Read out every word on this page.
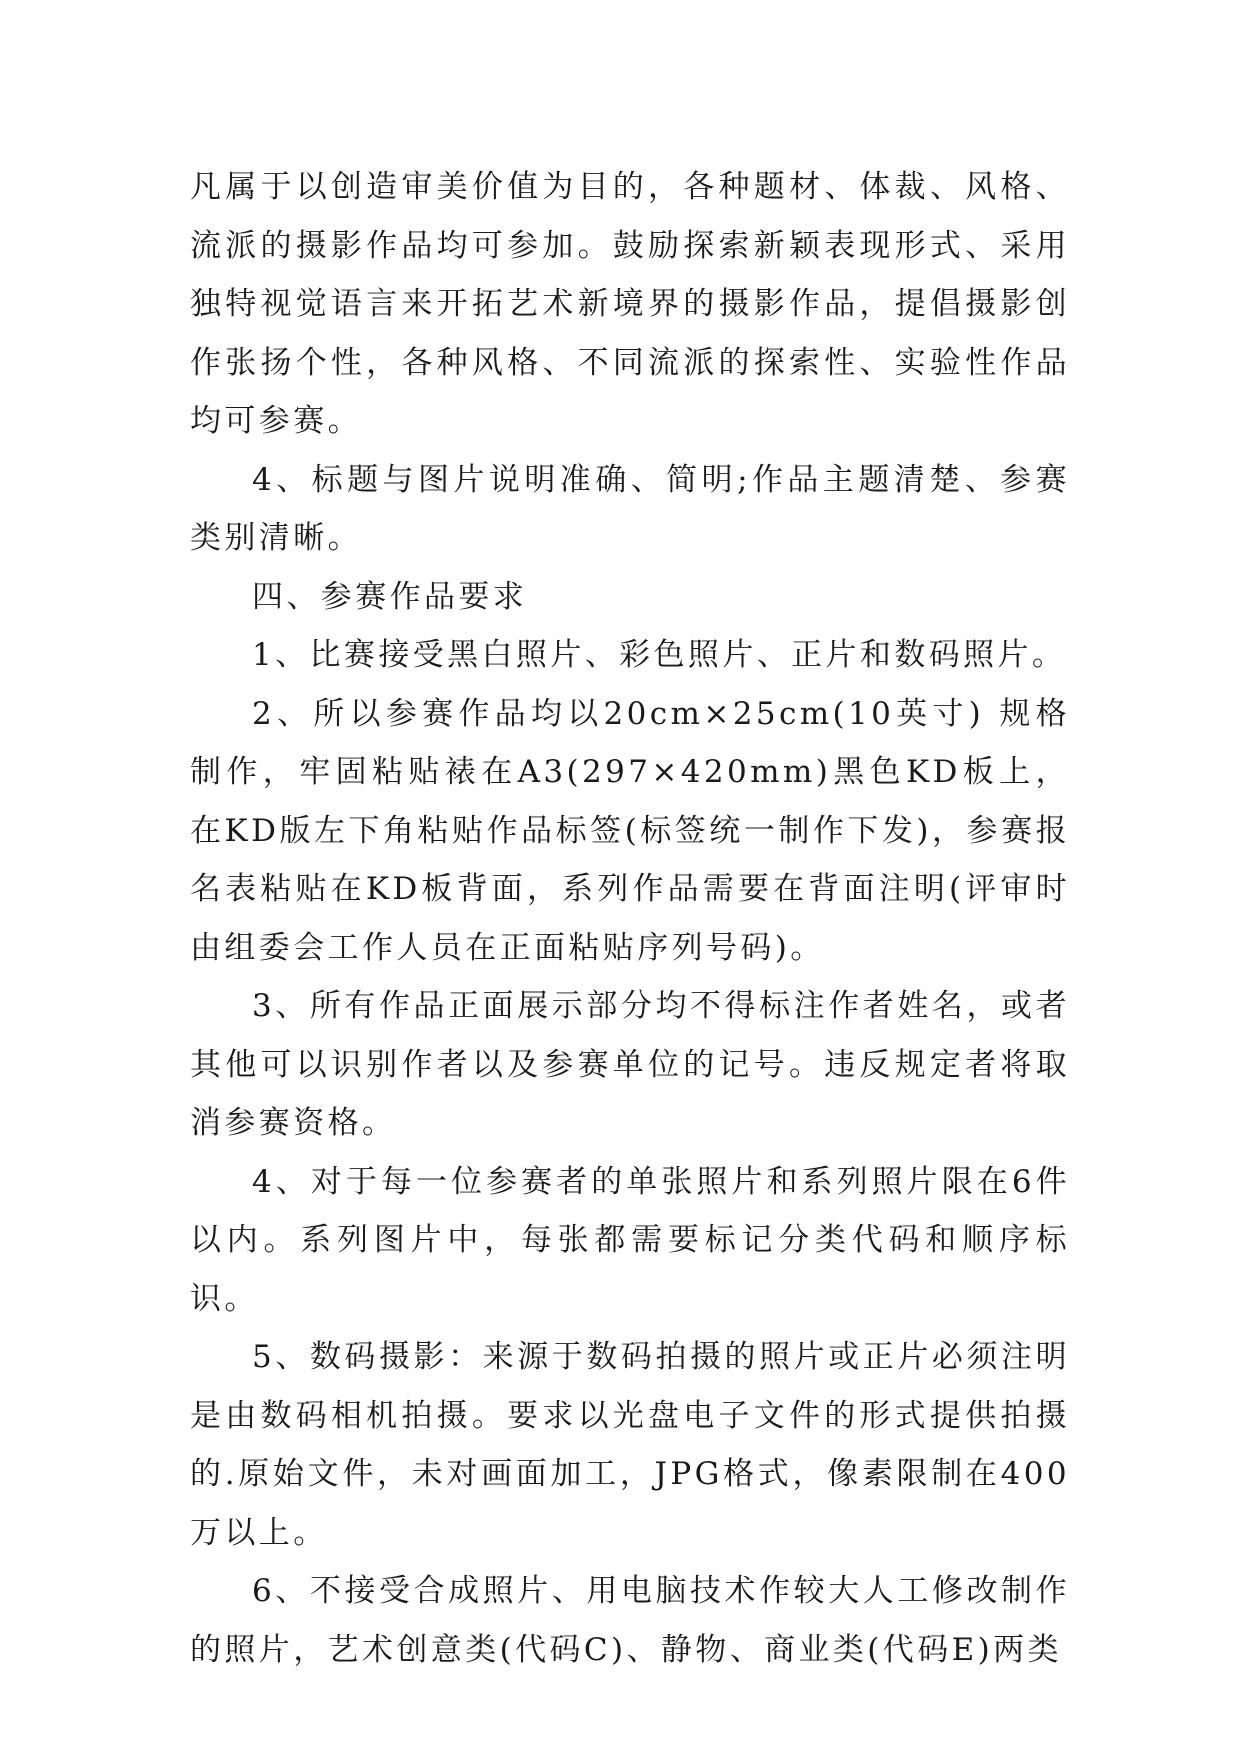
凡属于以创造审美价值为目的，各种题材、体裁、风格、流派的摄影作品均可参加。鼓励探索新颖表现形式、采用独特视觉语言来开拓艺术新境界的摄影作品，提倡摄影创作张扬个性，各种风格、不同流派的探索性、实验性作品均可参赛。

4、标题与图片说明准确、简明;作品主题清楚、参赛类别清晰。

四、参赛作品要求

1、比赛接受黑白照片、彩色照片、正片和数码照片。

2、所以参赛作品均以20cm×25cm(10英寸) 规格制作，牢固粘贴裱在A3(297×420mm)黑色KD板上，在KD版左下角粘贴作品标签(标签统一制作下发)，参赛报名表粘贴在KD板背面，系列作品需要在背面注明(评审时由组委会工作人员在正面粘贴序列号码)。

3、所有作品正面展示部分均不得标注作者姓名，或者其他可以识别作者以及参赛单位的记号。违反规定者将取消参赛资格。

4、对于每一位参赛者的单张照片和系列照片限在6件以内。系列图片中，每张都需要标记分类代码和顺序标识。

5、数码摄影：来源于数码拍摄的照片或正片必须注明是由数码相机拍摄。要求以光盘电子文件的形式提供拍摄的.原始文件，未对画面加工，JPG格式，像素限制在400万以上。

6、不接受合成照片、用电脑技术作较大人工修改制作的照片，艺术创意类(代码C)、静物、商业类(代码E)两类
